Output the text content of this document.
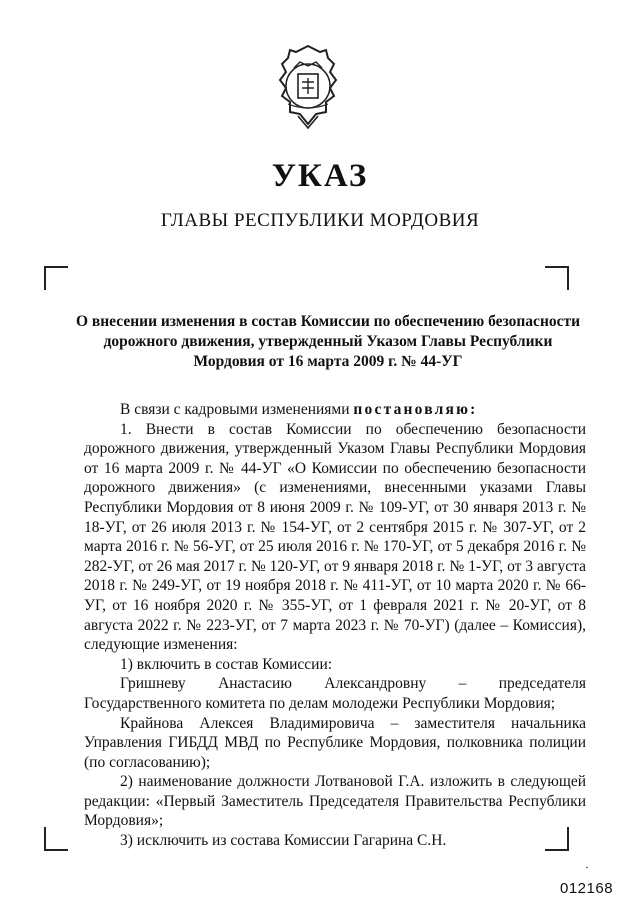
УКАЗ
ГЛАВЫ РЕСПУБЛИКИ МОРДОВИЯ
О внесении изменения в состав Комиссии по обеспечению безопасности
дорожного движения, утвержденный Указом Главы Республики
Мордовия от 16 марта 2009 г. № 44-УГ

В связи с кадровыми изменениями постановляю:

1. Внести в состав Комиссии по обеспечению безопасности дорожного движения, утвержденный Указом Главы Республики Мордовия от 16 марта 2009 г. № 44-УГ «О Комиссии по обеспечению безопасности дорожного движения» (с изменениями, внесенными указами Главы Республики Мордовия от 8 июня 2009 г. № 109-УГ, от 30 января 2013 г. № 18-УГ, от 26 июля 2013 г. № 154-УГ, от 2 сентября 2015 г. № 307-УГ, от 2 марта 2016 г. № 56-УГ, от 25 июля 2016 г. № 170-УГ, от 5 декабря 2016 г. № 282-УГ, от 26 мая 2017 г. № 120-УГ, от 9 января 2018 г. № 1-УГ, от 3 августа 2018 г. № 249-УГ, от 19 ноября 2018 г. № 411-УГ, от 10 марта 2020 г. № 66-УГ, от 16 ноября 2020 г. № 355-УГ, от 1 февраля 2021 г. № 20-УГ, от 8 августа 2022 г. № 223-УГ, от 7 марта 2023 г. № 70-УГ) (далее – Комиссия), следующие изменения:

1) включить в состав Комиссии:

Гришневу Анастасию Александровну – председателя Государственного комитета по делам молодежи Республики Мордовия;

Крайнова Алексея Владимировича – заместителя начальника Управления ГИБДД МВД по Республике Мордовия, полковника полиции (по согласованию);

2) наименование должности Лотвановой Г.А. изложить в следующей редакции: «Первый Заместитель Председателя Правительства Республики Мордовия»;

3) исключить из состава Комиссии Гагарина С.Н.

▪
012168
